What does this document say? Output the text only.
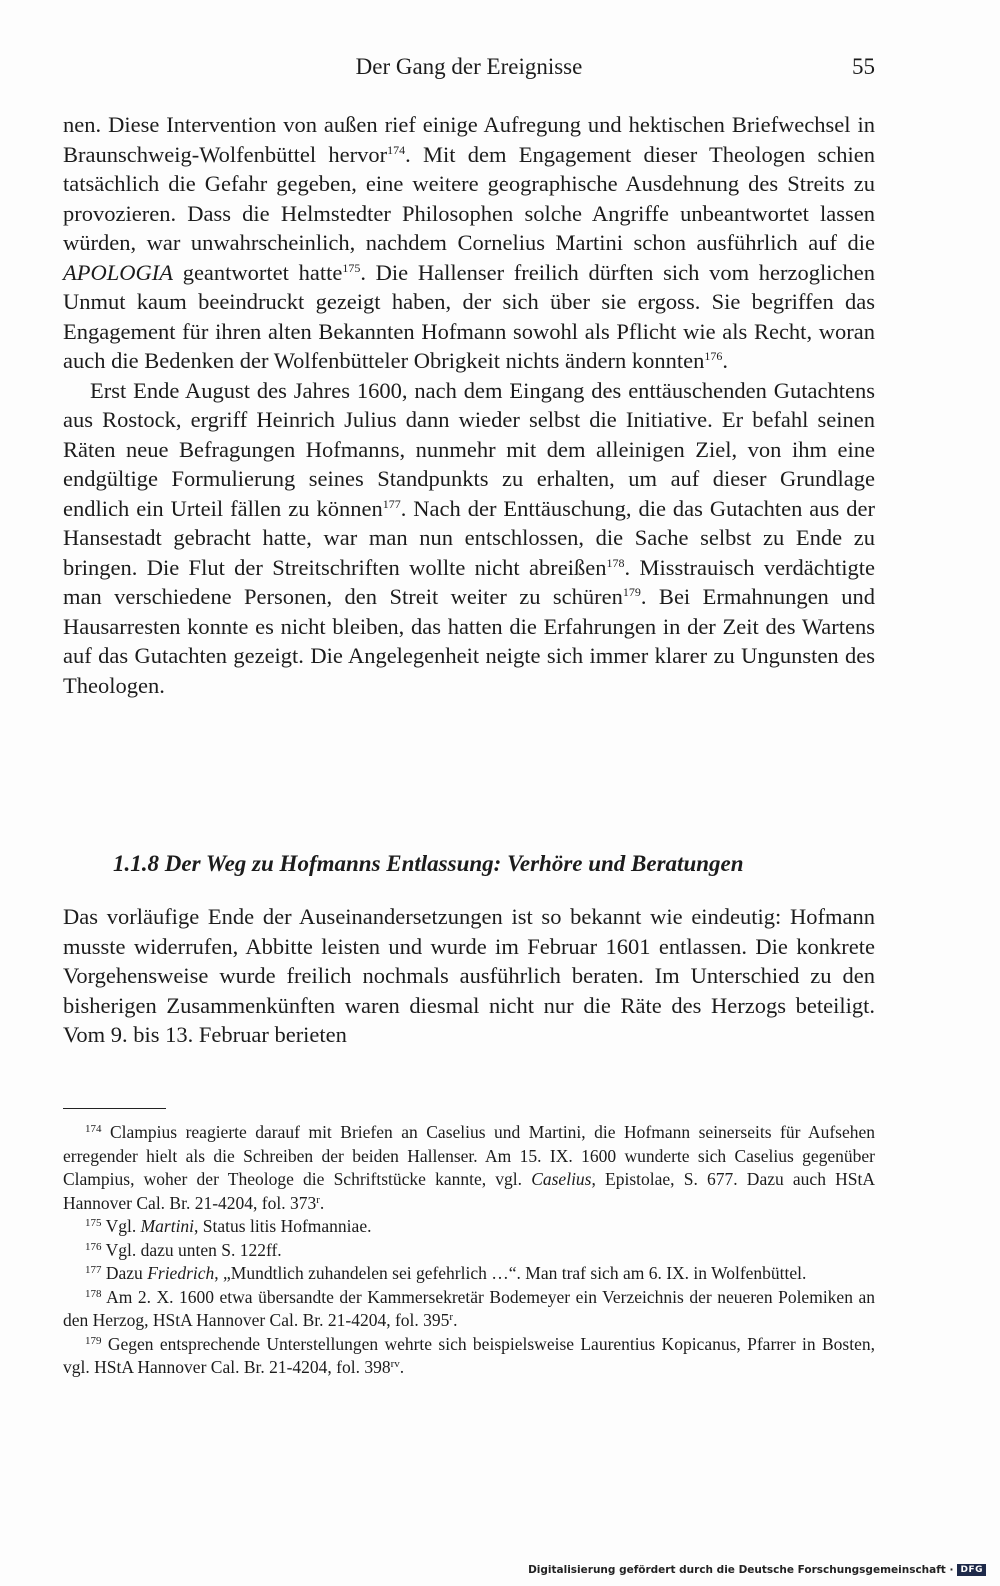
Der Gang der Ereignisse	55

nen. Diese Intervention von außen rief einige Aufregung und hektischen Briefwechsel in Braunschweig-Wolfenbüttel hervor$^{174}$. Mit dem Engagement dieser Theologen schien tatsächlich die Gefahr gegeben, eine weitere geographische Ausdehnung des Streits zu provozieren. Dass die Helmstedter Philosophen solche Angriffe unbeantwortet lassen würden, war unwahrscheinlich, nachdem Cornelius Martini schon ausführlich auf die APOLOGIA geantwortet hatte$^{175}$. Die Hallenser freilich dürften sich vom herzoglichen Unmut kaum beeindruckt gezeigt haben, der sich über sie ergoss. Sie begriffen das Engagement für ihren alten Bekannten Hofmann sowohl als Pflicht wie als Recht, woran auch die Bedenken der Wolfenbütteler Obrigkeit nichts ändern konnten$^{176}$.

Erst Ende August des Jahres 1600, nach dem Eingang des enttäuschenden Gutachtens aus Rostock, ergriff Heinrich Julius dann wieder selbst die Initiative. Er befahl seinen Räten neue Befragungen Hofmanns, nunmehr mit dem alleinigen Ziel, von ihm eine endgültige Formulierung seines Standpunkts zu erhalten, um auf dieser Grundlage endlich ein Urteil fällen zu können$^{177}$. Nach der Enttäuschung, die das Gutachten aus der Hansestadt gebracht hatte, war man nun entschlossen, die Sache selbst zu Ende zu bringen. Die Flut der Streitschriften wollte nicht abreißen$^{178}$. Misstrauisch verdächtigte man verschiedene Personen, den Streit weiter zu schüren$^{179}$. Bei Ermahnungen und Hausarresten konnte es nicht bleiben, das hatten die Erfahrungen in der Zeit des Wartens auf das Gutachten gezeigt. Die Angelegenheit neigte sich immer klarer zu Ungunsten des Theologen.

1.1.8 Der Weg zu Hofmanns Entlassung: Verhöre und Beratungen

Das vorläufige Ende der Auseinandersetzungen ist so bekannt wie eindeutig: Hofmann musste widerrufen, Abbitte leisten und wurde im Februar 1601 entlassen. Die konkrete Vorgehensweise wurde freilich nochmals ausführlich beraten. Im Unterschied zu den bisherigen Zusammenkünften waren diesmal nicht nur die Räte des Herzogs beteiligt. Vom 9. bis 13. Februar berieten

$^{174}$ Clampius reagierte darauf mit Briefen an Caselius und Martini, die Hofmann seinerseits für Aufsehen erregender hielt als die Schreiben der beiden Hallenser. Am 15. IX. 1600 wunderte sich Caselius gegenüber Clampius, woher der Theologe die Schriftstücke kannte, vgl. Caselius, Epistolae, S. 677. Dazu auch HStA Hannover Cal. Br. 21-4204, fol. 373$^r$.

$^{175}$ Vgl. Martini, Status litis Hofmanniae.

$^{176}$ Vgl. dazu unten S. 122ff.

$^{177}$ Dazu Friedrich, „Mundtlich zuhandelen sei gefehrlich …“. Man traf sich am 6. IX. in Wolfenbüttel.

$^{178}$ Am 2. X. 1600 etwa übersandte der Kammersekretär Bodemeyer ein Verzeichnis der neueren Polemiken an den Herzog, HStA Hannover Cal. Br. 21-4204, fol. 395$^r$.

$^{179}$ Gegen entsprechende Unterstellungen wehrte sich beispielsweise Laurentius Kopicanus, Pfarrer in Bosten, vgl. HStA Hannover Cal. Br. 21-4204, fol. $398^{rv}$.

Digitalisierung gefördert durch die Deutsche Forschungsgemeinschaft · DFG
